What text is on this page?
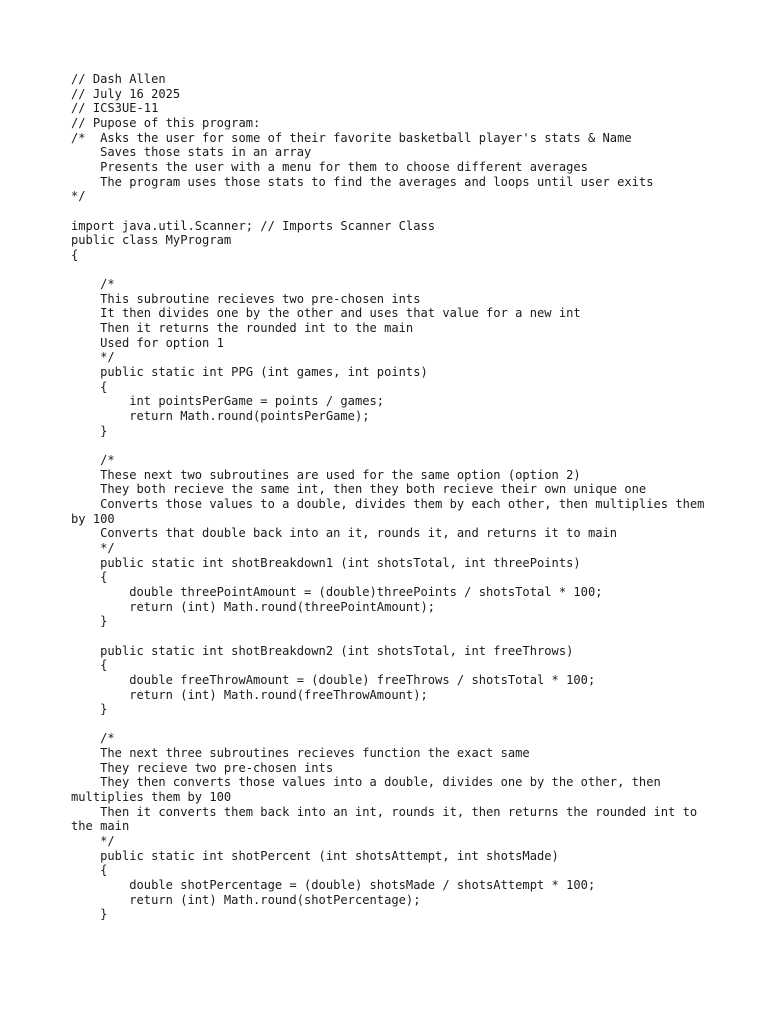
// Dash Allen
// July 16 2025
// ICS3UE-11
// Pupose of this program:
/*  Asks the user for some of their favorite basketball player's stats & Name
Saves those stats in an array
Presents the user with a menu for them to choose different averages
The program uses those stats to find the averages and loops until user exits
*/
import java.util.Scanner; // Imports Scanner Class
public class MyProgram
{
/*
This subroutine recieves two pre-chosen ints
It then divides one by the other and uses that value for a new int
Then it returns the rounded int to the main
Used for option 1
*/
public static int PPG (int games, int points)
{
int pointsPerGame = points / games;
return Math.round(pointsPerGame);
}
/*
These next two subroutines are used for the same option (option 2)
They both recieve the same int, then they both recieve their own unique one
Converts those values to a double, divides them by each other, then multiplies them by 100
Converts that double back into an it, rounds it, and returns it to main
*/
public static int shotBreakdown1 (int shotsTotal, int threePoints)
{
double threePointAmount = (double)threePoints / shotsTotal * 100;
return (int) Math.round(threePointAmount);
}
public static int shotBreakdown2 (int shotsTotal, int freeThrows)
{
double freeThrowAmount = (double) freeThrows / shotsTotal * 100;
return (int) Math.round(freeThrowAmount);
}
/*
The next three subroutines recieves function the exact same
They recieve two pre-chosen ints
They then converts those values into a double, divides one by the other, then multiplies them by 100
Then it converts them back into an int, rounds it, then returns the rounded int to the main
*/
public static int shotPercent (int shotsAttempt, int shotsMade)
{
double shotPercentage = (double) shotsMade / shotsAttempt * 100;
return (int) Math.round(shotPercentage);
}
